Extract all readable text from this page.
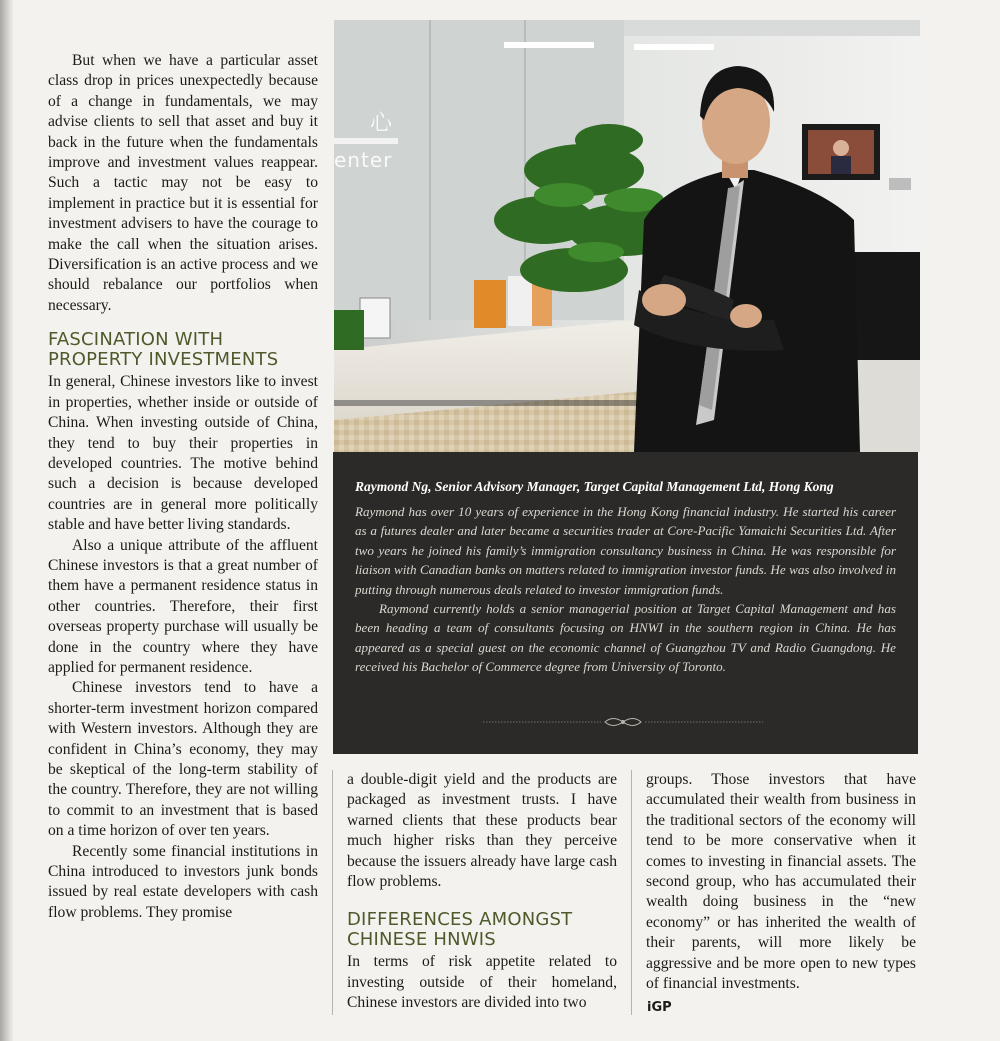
But when we have a particular asset class drop in prices unexpectedly because of a change in fundamentals, we may advise clients to sell that asset and buy it back in the future when the fundamentals improve and investment values reappear. Such a tactic may not be easy to implement in practice but it is essential for investment advisers to have the courage to make the call when the situation arises. Diversification is an active process and we should rebalance our portfolios when necessary.

FASCINATION WITH
PROPERTY INVESTMENTS

In general, Chinese investors like to invest in properties, whether inside or outside of China. When investing outside of China, they tend to buy their properties in developed countries. The motive behind such a decision is because developed countries are in general more politically stable and have better living standards.

Also a unique attribute of the affluent Chinese investors is that a great number of them have a permanent residence status in other countries. Therefore, their first overseas property purchase will usually be done in the country where they have applied for permanent residence.

Chinese investors tend to have a shorter-term investment horizon compared with Western investors. Although they are confident in China’s economy, they may be skeptical of the long-term stability of the country. Therefore, they are not willing to commit to an investment that is based on a time horizon of over ten years.

Recently some financial institutions in China introduced to investors junk bonds issued by real estate developers with cash flow problems. They promise

心
enter
Raymond Ng, Senior Advisory Manager, Target Capital Management Ltd, Hong Kong

Raymond has over 10 years of experience in the Hong Kong financial industry. He started his career as a futures dealer and later became a securities trader at Core-Pacific Yamaichi Securities Ltd. After two years he joined his family’s immigration consultancy business in China. He was responsible for liaison with Canadian banks on matters related to immigration investor funds. He was also involved in putting through numerous deals related to investor immigration funds.

Raymond currently holds a senior managerial position at Target Capital Management and has been heading a team of consultants focusing on HNWI in the southern region in China. He has appeared as a special guest on the economic channel of Guangzhou TV and Radio Guangdong. He received his Bachelor of Commerce degree from University of Toronto.

a double-digit yield and the products are packaged as investment trusts. I have warned clients that these products bear much higher risks than they perceive because the issuers already have large cash flow problems.

DIFFERENCES AMONGST
CHINESE HNWIS

In terms of risk appetite related to investing outside of their homeland, Chinese investors are divided into two

groups. Those investors that have accumulated their wealth from business in the traditional sectors of the economy will tend to be more conservative when it comes to investing in financial assets. The second group, who has accumulated their wealth doing business in the “new economy” or has inherited the wealth of their parents, will more likely be aggressive and be more open to new types of financial investments.

iGP
